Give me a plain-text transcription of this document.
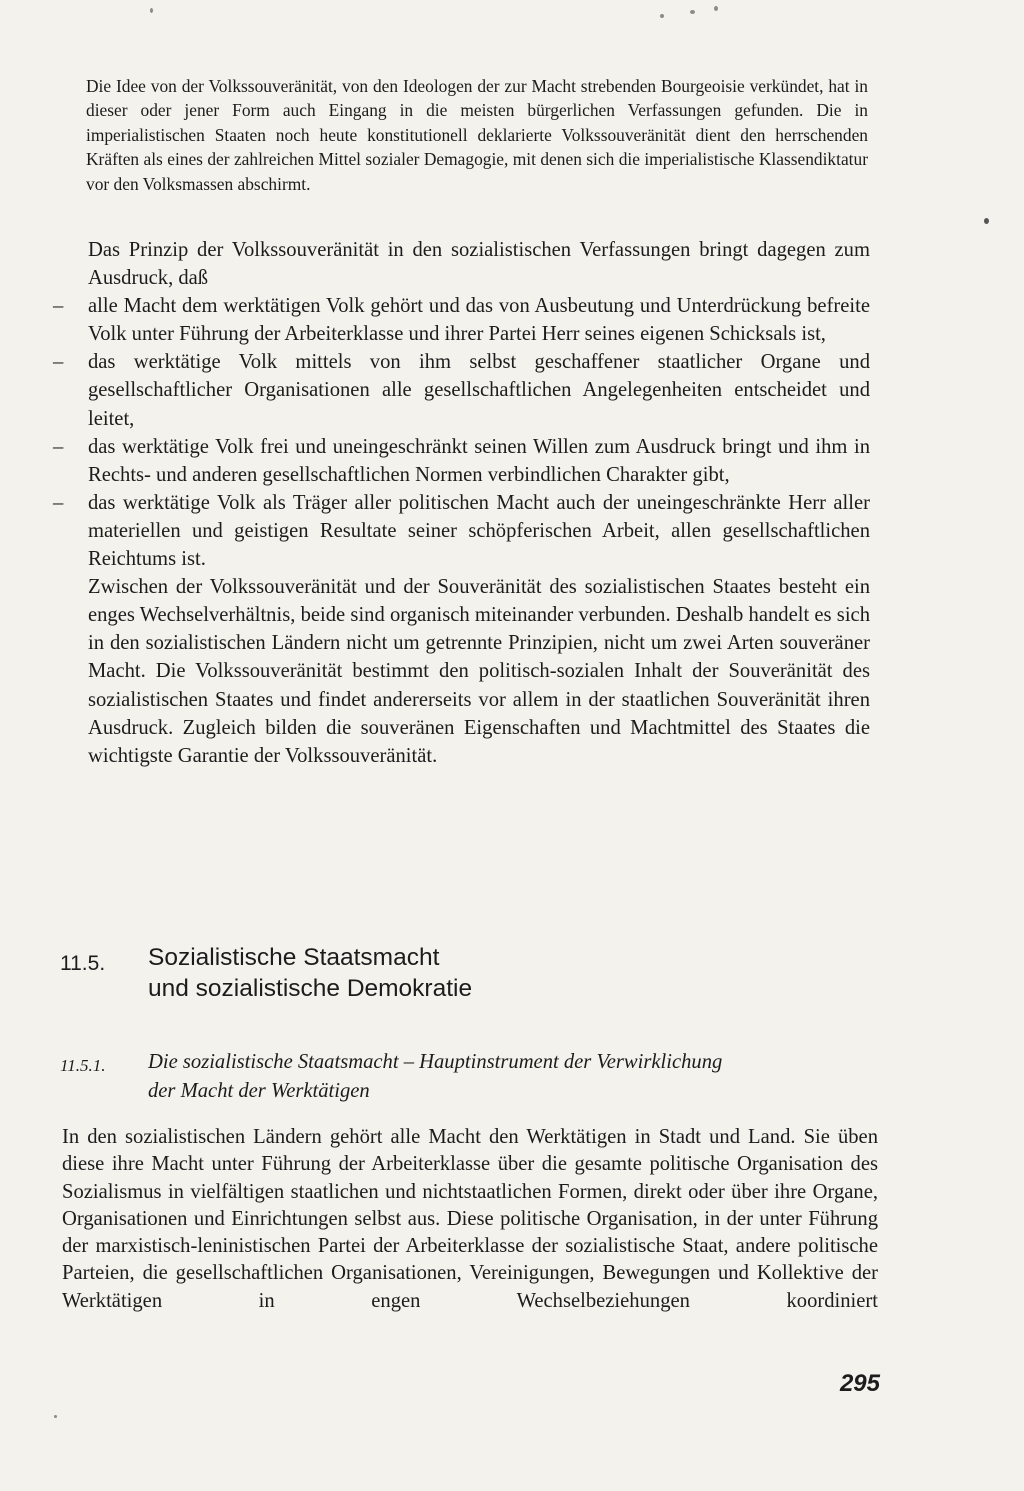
Die Idee von der Volkssouveränität, von den Ideologen der zur Macht strebenden Bourgeoisie verkündet, hat in dieser oder jener Form auch Eingang in die meisten bürgerlichen Verfassungen gefunden. Die in imperialistischen Staaten noch heute konstitutionell deklarierte Volkssouveränität dient den herrschenden Kräften als eines der zahlreichen Mittel sozialer Demagogie, mit denen sich die imperialistische Klassendiktatur vor den Volksmassen abschirmt.

Das Prinzip der Volkssouveränität in den sozialistischen Verfassungen bringt dagegen zum Ausdruck, daß

– alle Macht dem werktätigen Volk gehört und das von Ausbeutung und Unterdrückung befreite Volk unter Führung der Arbeiterklasse und ihrer Partei Herr seines eigenen Schicksals ist,
– das werktätige Volk mittels von ihm selbst geschaffener staatlicher Organe und gesellschaftlicher Organisationen alle gesellschaftlichen Angelegenheiten entscheidet und leitet,
– das werktätige Volk frei und uneingeschränkt seinen Willen zum Ausdruck bringt und ihm in Rechts- und anderen gesellschaftlichen Normen verbindlichen Charakter gibt,
– das werktätige Volk als Träger aller politischen Macht auch der uneingeschränkte Herr aller materiellen und geistigen Resultate seiner schöpferischen Arbeit, allen gesellschaftlichen Reichtums ist.

Zwischen der Volkssouveränität und der Souveränität des sozialistischen Staates besteht ein enges Wechselverhältnis, beide sind organisch miteinander verbunden. Deshalb handelt es sich in den sozialistischen Ländern nicht um getrennte Prinzipien, nicht um zwei Arten souveräner Macht. Die Volkssouveränität bestimmt den politisch-sozialen Inhalt der Souveränität des sozialistischen Staates und findet andererseits vor allem in der staatlichen Souveränität ihren Ausdruck. Zugleich bilden die souveränen Eigenschaften und Machtmittel des Staates die wichtigste Garantie der Volkssouveränität.

11.5. Sozialistische Staatsmacht
und sozialistische Demokratie
11.5.1. Die sozialistische Staatsmacht – Hauptinstrument der Verwirklichung
der Macht der Werktätigen

In den sozialistischen Ländern gehört alle Macht den Werktätigen in Stadt und Land. Sie üben diese ihre Macht unter Führung der Arbeiterklasse über die gesamte politische Organisation des Sozialismus in vielfältigen staatlichen und nichtstaatlichen Formen, direkt oder über ihre Organe, Organisationen und Einrichtungen selbst aus. Diese politische Organisation, in der unter Führung der marxistisch-leninistischen Partei der Arbeiterklasse der sozialistische Staat, andere politische Parteien, die gesellschaftlichen Organisationen, Vereinigungen, Bewegungen und Kollektive der Werktätigen in engen Wechselbeziehungen koordiniert

295
